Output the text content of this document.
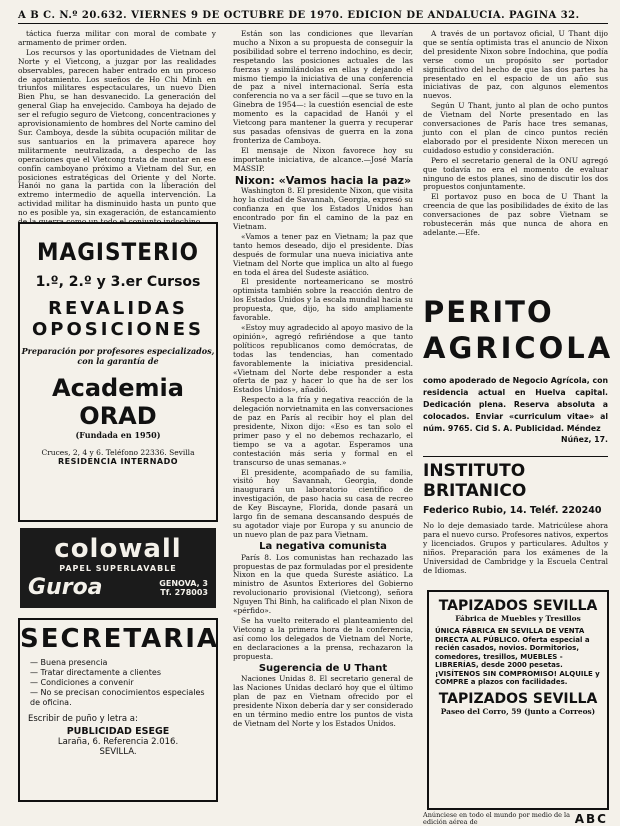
A B C. N.º 20.632. VIERNES 9 DE OCTUBRE DE 1970. EDICION DE ANDALUCIA. PAGINA 32.

táctica fuerza militar con moral de combate y armamento de primer orden.

Los recursos y las oportunidades de Vietnam del Norte y el Vietcong, a juzgar por las realidades observables, parecen haber entrado en un proceso de agotamiento. Los sueños de Ho Chi Minh en triunfos militares espectaculares, un nuevo Dien Bien Phu, se han desvanecido. La generación del general Giap ha envejecido. Camboya ha dejado de ser el refugio seguro de Vietcong, concentraciones y aprovisionamiento de hombres del Norte camino del Sur. Camboya, desde la súbita ocupación militar de sus santuarios en la primavera aparece hoy militarmente neutralizada, a despecho de las operaciones que el Vietcong trata de montar en ese confín camboyano próximo a Vietnam del Sur, en posiciones estratégicas del Oriente y del Norte. Hanói no gana la partida con la liberación del extremo intermedio de aquella intervención. La actividad militar ha disminuido hasta un punto que no es posible ya, sin exageración, de estancamiento

MAGISTERIO
1.º, 2.º y 3.er Cursos
REVALIDAS
OPOSICIONES
Preparación por profesores especializados, con la garantía de
Academia ORAD
(Fundada en 1950)
Cruces, 2, 4 y 6. Teléfono 22336. Sevilla
RESIDENCIA INTERNADO
colowall
PAPEL SUPERLAVABLE
Guroa	GENOVA, 3
Tf. 278003
SECRETARIA
— Buena presencia
— Tratar directamente a clientes
— Condiciones a convenir
— No se precisan conocimientos especiales de oficina.
Escribir de puño y letra a:
PUBLICIDAD ESEGE
Laraña, 6. Referencia 2.016.
SEVILLA.

Están son las condiciones que llevarían mucho a Nixon a su propuesta de conseguir la posibilidad sobre el terreno indochino, es decir, respetando las posiciones actuales de las fuerzas y asimilándolas en ellas y dejando el mismo tiempo la iniciativa de una conferencia de paz a nivel internacional. Sería esta conferencia no va a ser fácil —que se tuvo en la Ginebra de 1954—: la cuestión esencial de este momento es la capacidad de Hanói y el Vietcong para mantener la guerra y recuperar sus pasadas ofensivas de guerra en la zona fronteriza de Camboya.

El mensaje de Nixon favorece hoy su importante iniciativa, de alcance.—José María MASSIP.

Nixon: «Vamos hacia la paz»

Washington 8. El presidente Nixon, que visita hoy la ciudad de Savannah, Georgia, expresó su confianza en que los Estados Unidos han encontrado por fin el camino de la paz en Vietnam.

«Vamos a tener paz en Vietnam; la paz que tanto hemos deseado, dijo el presidente. Días después de formular una nueva iniciativa ante Vietnam del Norte que implica un alto al fuego en toda el área del Sudeste asiático.

El presidente norteamericano se mostró optimista también sobre la reacción dentro de los Estados Unidos y la escala mundial hacia su propuesta, que, dijo, ha sido ampliamente favorable.

«Estoy muy agradecido al apoyo masivo de la opinión», agregó refiriéndose a que tanto políticos republicanos como demócratas, de todas las tendencias, han comentado favorablemente la iniciativa presidencial. «Vietnam del Norte debe responder a esta oferta de paz y hacer lo que ha de ser los Estados Unidos», añadió.

Respecto a la fría y negativa reacción de la delegación norvietnamita en las conversaciones de paz en París al recibir hoy el plan del presidente, Nixon dijo: «Eso es tan solo el primer paso y el no debemos rechazarlo, el tiempo se va a agotar. Esperamos una contestación más seria y formal en el transcurso de unas semanas.»

El presidente, acompañado de su familia, visitó hoy Savannah, Georgia, donde inaugurará un laboratorio científico de investigación, de paso hacia su casa de recreo de Key Biscayne, Florida, donde pasará un largo fin de semana descansando después de su agotador viaje por Europa y su anuncio de un nuevo plan de paz para Vietnam.

La negativa comunista

París 8. Los comunistas han rechazado las propuestas de paz formuladas por el presidente Nixon en la que queda Sureste asiático. La ministro de Asuntos Exteriores del Gobierno revolucionario provisional (Vietcong), señora Nguyen Thi Binh, ha calificado el plan Nixon de «pérfido».

Se ha vuelto reiterado el planteamiento del Vietcong a la primera hora de la conferencia, así como los delegados de Vietnam del Norte, en declaraciones a la prensa, rechazaron la propuesta.

Sugerencia de U Thant

Naciones Unidas 8. El secretario general de las Naciones Unidas declaró hoy que el último plan de paz en Vietnam ofrecido por el presidente Nixon debería dar y ser considerado en un término medio entre los puntos de vista de Vietnam del Norte y los Estados Unidos.

A través de un portavoz oficial, U Thant dijo que se sentía optimista tras el anuncio de Nixon del presidente Nixon sobre Indochina, que podía verse como un propósito ser portador significativo del hecho de que las dos partes ha presentado en el espacio de un año sus iniciativas de paz, con algunos elementos nuevos.

Según U Thant, junto al plan de ocho puntos de Vietnam del Norte presentado en las conversaciones de París hace tres semanas, junto con el plan de cinco puntos recién elaborado por el presidente Nixon merecen un cuidadoso estudio y consideración.

Pero el secretario general de la ONU agregó que todavía no era el momento de evaluar ninguno de estos planes, sino de discutir los dos propuestos conjuntamente.

El portavoz puso en boca de U Thant la creencia de que las posibilidades de éxito de las conversaciones de paz sobre Vietnam se robustecerán más que nunca de ahora en adelante.—Efe.

PERITO
AGRICOLA
como apoderado de Negocio Agrícola, con residencia actual en Huelva capital. Dedicación plena. Reserva absoluta a colocados. Enviar «curriculum vitae» al núm. 9765. Cid S. A. Publicidad. Méndez
Núñez, 17.
INSTITUTO BRITANICO
Federico Rubio, 14. Teléf. 220240
No lo deje demasiado tarde. Matricúlese ahora para el nuevo curso. Profesores nativos, expertos y licenciados. Grupos y particulares. Adultos y niños. Preparación para los exámenes de la Universidad de Cambridge y la Escuela Central de Idiomas.
TAPIZADOS SEVILLA
Fábrica de Muebles y Tresillos
ÚNICA FÁBRICA EN SEVILLA DE VENTA DIRECTA AL PÚBLICO. Oferta especial a recién casados, novios. Dormitorios, comedores, tresillos, MUEBLES - LIBRERÍAS, desde 2000 pesetas. ¡VISÍTENOS SIN COMPROMISO! ALQUILE y COMPRE a plazos con facilidades.
TAPIZADOS SEVILLA
Paseo del Corro, 59 (junto a Correos)
Anúnciese en todo el mundo por medio de la edición aérea de	ABC
